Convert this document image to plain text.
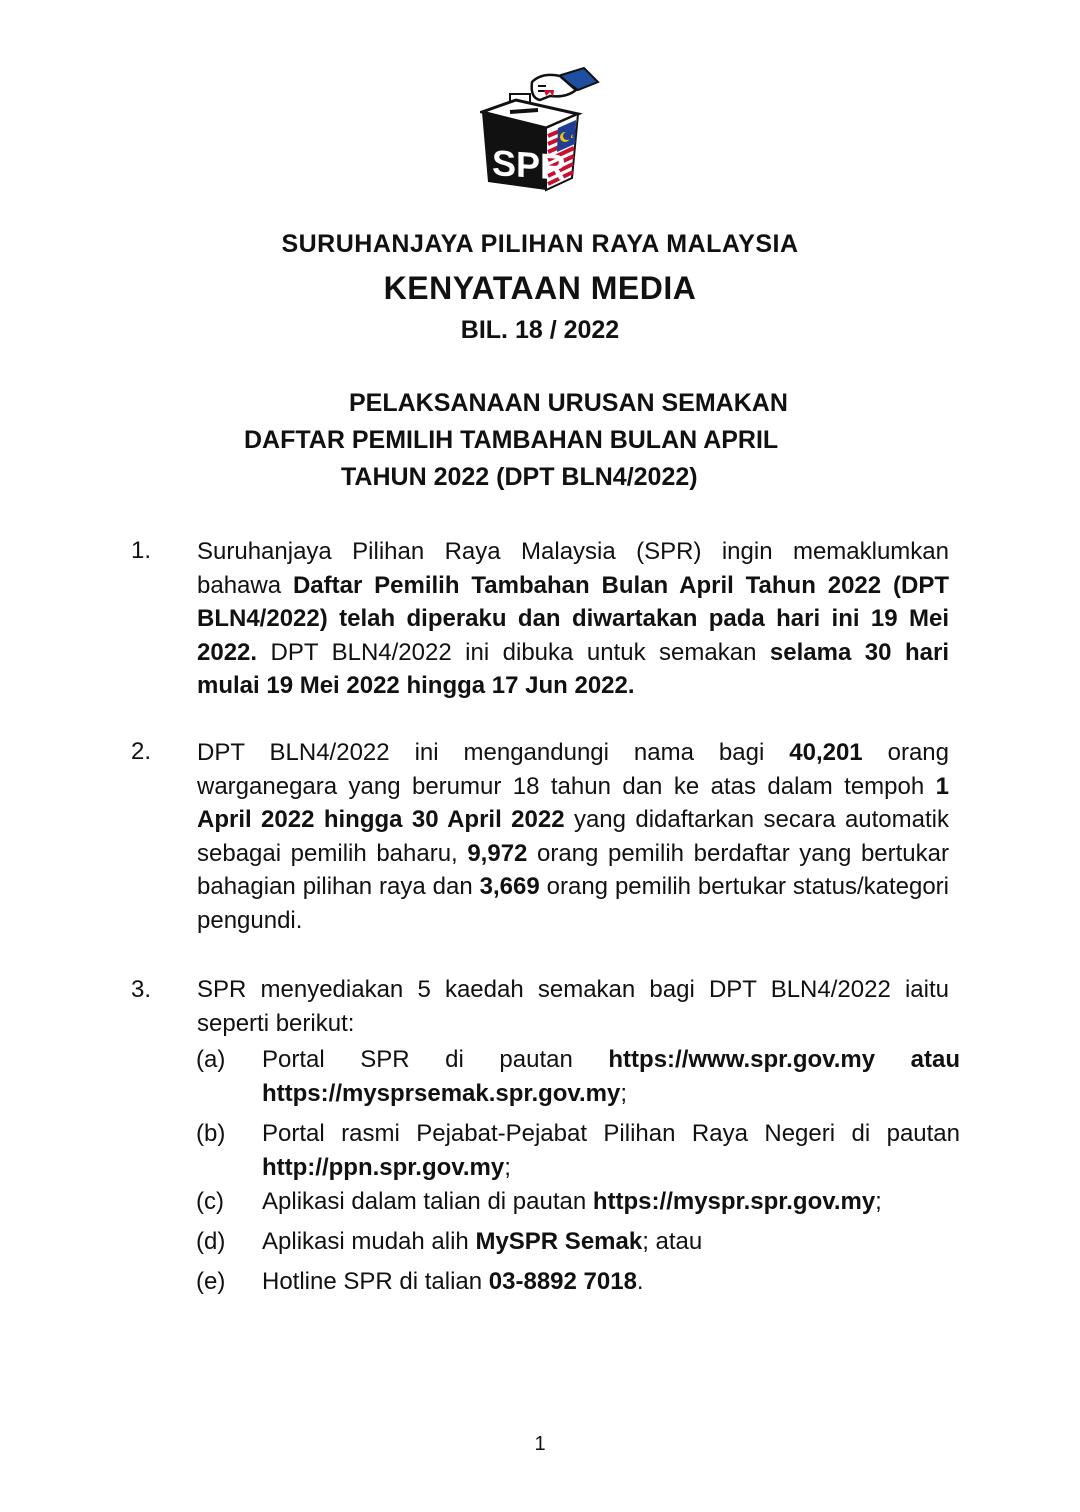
SPR
SURUHANJAYA PILIHAN RAYA MALAYSIA
KENYATAAN MEDIA
BIL. 18 / 2022
PELAKSANAAN URUSAN SEMAKAN
DAFTAR PEMILIH TAMBAHAN BULAN APRIL
TAHUN 2022 (DPT BLN4/2022)
1. Suruhanjaya Pilihan Raya Malaysia (SPR) ingin memaklumkan bahawa Daftar Pemilih Tambahan Bulan April Tahun 2022 (DPT BLN4/2022) telah diperaku dan diwartakan pada hari ini 19 Mei 2022. DPT BLN4/2022 ini dibuka untuk semakan selama 30 hari mulai 19 Mei 2022 hingga 17 Jun 2022.
2. DPT BLN4/2022 ini mengandungi nama bagi 40,201 orang warganegara yang berumur 18 tahun dan ke atas dalam tempoh 1 April 2022 hingga 30 April 2022 yang didaftarkan secara automatik sebagai pemilih baharu, 9,972 orang pemilih berdaftar yang bertukar bahagian pilihan raya dan 3,669 orang pemilih bertukar status/kategori pengundi.
3. SPR menyediakan 5 kaedah semakan bagi DPT BLN4/2022 iaitu seperti berikut:
(a) Portal SPR di pautan https://www.spr.gov.my atau https://mysprsemak.spr.gov.my;
(b) Portal rasmi Pejabat-Pejabat Pilihan Raya Negeri di pautan http://ppn.spr.gov.my;
(c) Aplikasi dalam talian di pautan https://myspr.spr.gov.my;
(d) Aplikasi mudah alih MySPR Semak; atau
(e) Hotline SPR di talian 03-8892 7018.
1
